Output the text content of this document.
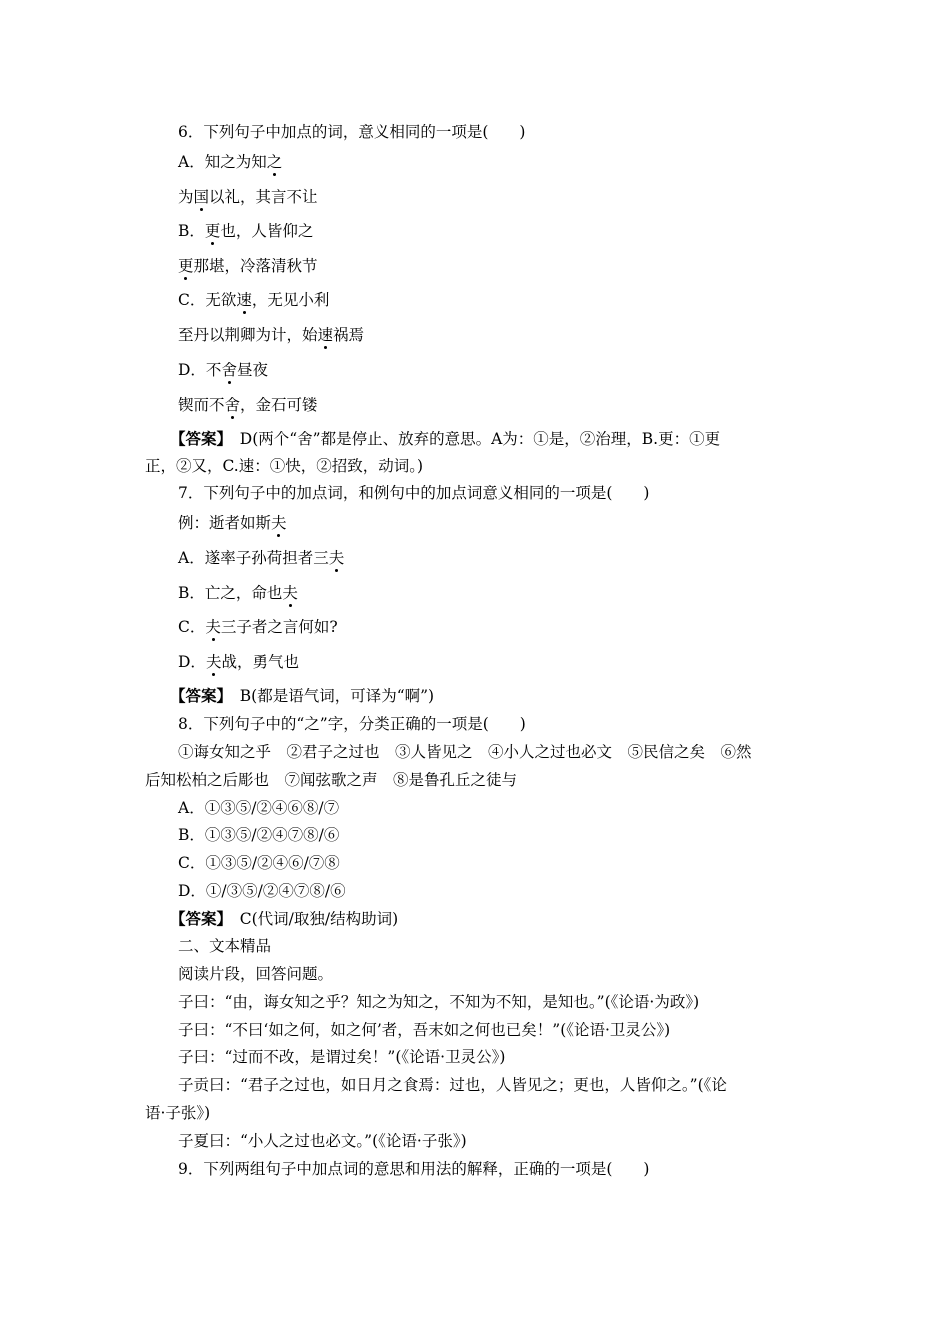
6．下列句子中加点的词，意义相同的一项是(　　)
A．知之为知之
为国以礼，其言不让
B．更也，人皆仰之
更那堪，冷落清秋节
C．无欲速，无见小利
至丹以荆卿为计，始速祸焉
D．不舍昼夜
锲而不舍，金石可镂
【答案】　D(两个“舍”都是停止、放弃的意思。A为：①是，②治理，B.更：①更
正，②又，C.速：①快，②招致，动词。)
7．下列句子中的加点词，和例句中的加点词意义相同的一项是(　　)
例：逝者如斯夫
A．遂率子孙荷担者三夫
B．亡之，命也夫
C．夫三子者之言何如?
D．夫战，勇气也
【答案】　B(都是语气词，可译为“啊”)
8．下列句子中的“之”字，分类正确的一项是(　　)
①诲女知之乎　②君子之过也　③人皆见之　④小人之过也必文　⑤民信之矣　⑥然
后知松柏之后彫也　⑦闻弦歌之声　⑧是鲁孔丘之徒与
A．①③⑤/②④⑥⑧/⑦
B．①③⑤/②④⑦⑧/⑥
C．①③⑤/②④⑥/⑦⑧
D．①/③⑤/②④⑦⑧/⑥
【答案】　C(代词/取独/结构助词)
二、文本精品
阅读片段，回答问题。
子曰：“由，诲女知之乎？知之为知之，不知为不知，是知也。”(《论语·为政》)
子曰：“不曰‘如之何，如之何’者，吾末如之何也已矣！”(《论语·卫灵公》)
子曰：“过而不改，是谓过矣！”(《论语·卫灵公》)
子贡曰：“君子之过也，如日月之食焉：过也，人皆见之；更也，人皆仰之。”(《论
语·子张》)
子夏曰：“小人之过也必文。”(《论语·子张》)
9．下列两组句子中加点词的意思和用法的解释，正确的一项是(　　)
